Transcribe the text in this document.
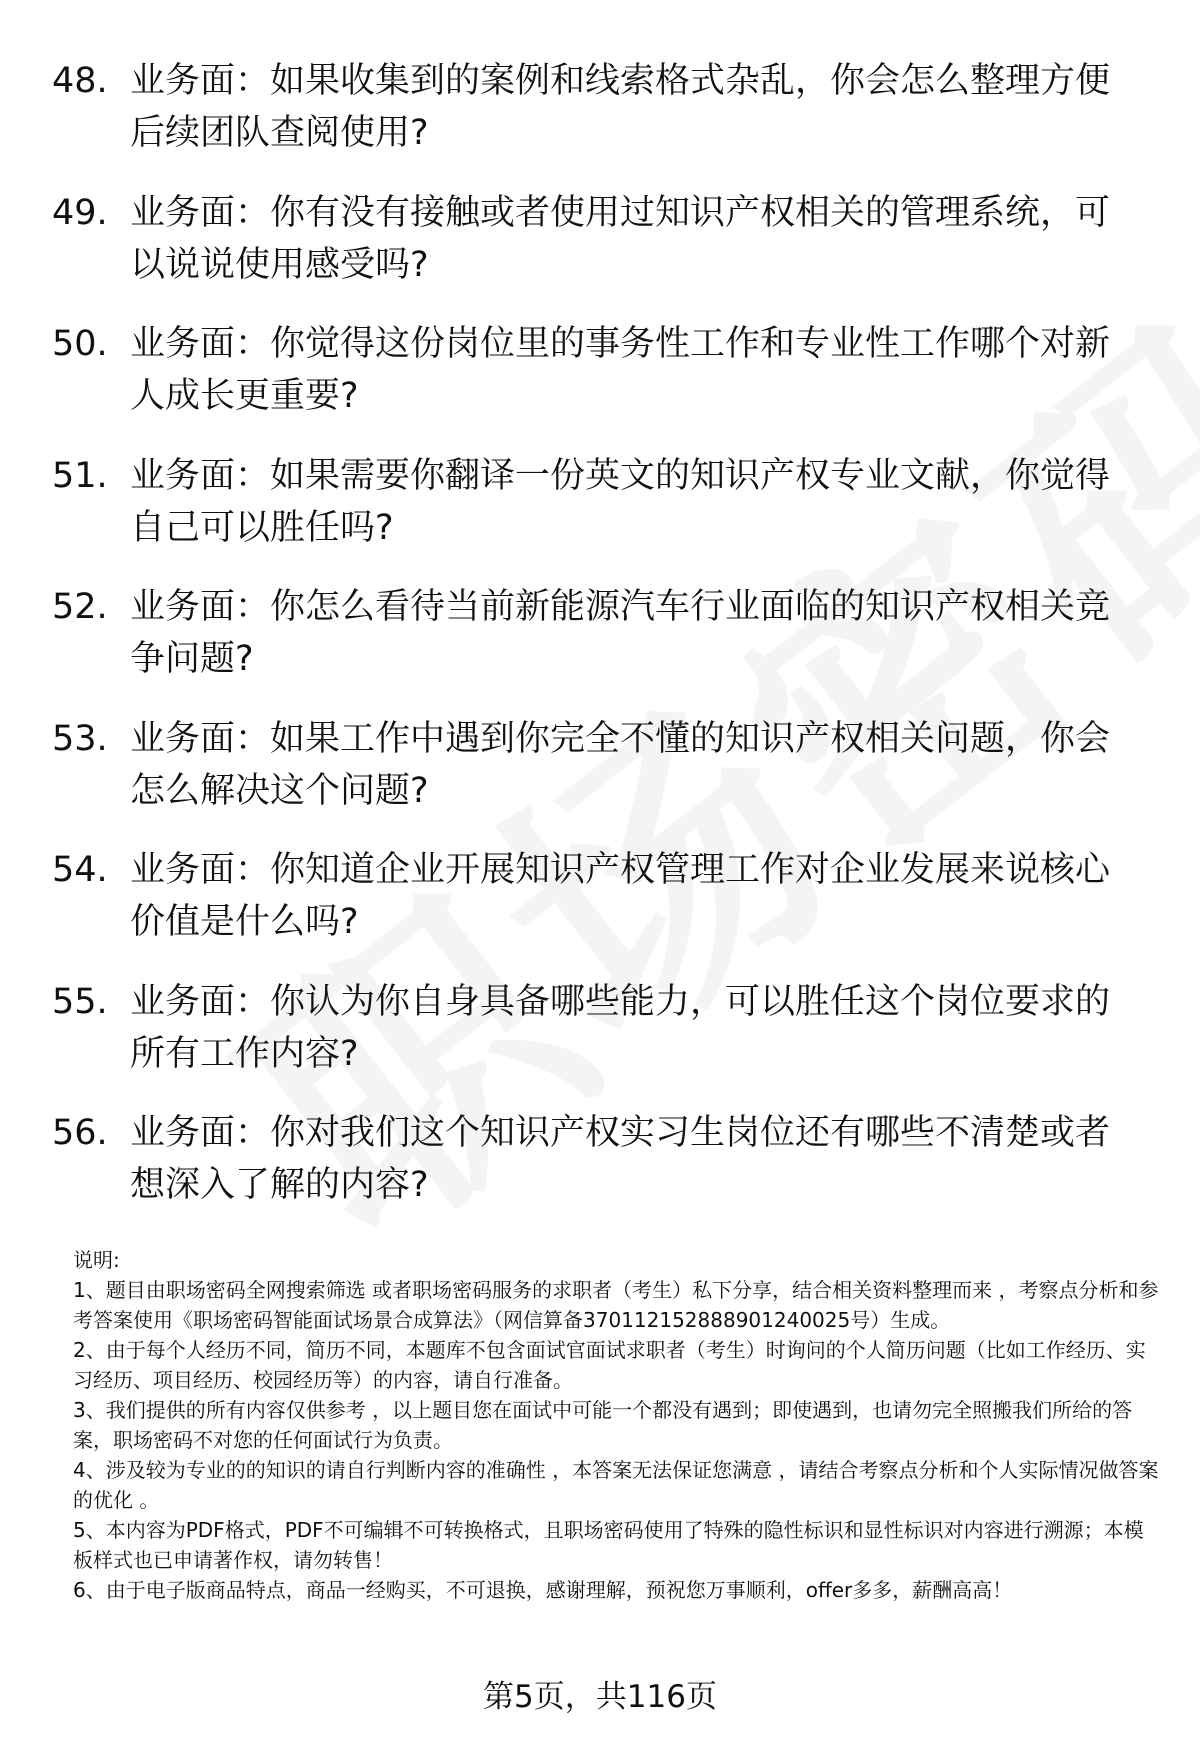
48. 业务面：如果收集到的案例和线索格式杂乱，你会怎么整理方便后续团队查阅使用?
49. 业务面：你有没有接触或者使用过知识产权相关的管理系统，可以说说使用感受吗?
50. 业务面：你觉得这份岗位里的事务性工作和专业性工作哪个对新人成长更重要?
51. 业务面：如果需要你翻译一份英文的知识产权专业文献，你觉得自己可以胜任吗?
52. 业务面：你怎么看待当前新能源汽车行业面临的知识产权相关竞争问题?
53. 业务面：如果工作中遇到你完全不懂的知识产权相关问题，你会怎么解决这个问题?
54. 业务面：你知道企业开展知识产权管理工作对企业发展来说核心价值是什么吗?
55. 业务面：你认为你自身具备哪些能力，可以胜任这个岗位要求的所有工作内容?
56. 业务面：你对我们这个知识产权实习生岗位还有哪些不清楚或者想深入了解的内容?

说明:

1、题目由职场密码全网搜索筛选 或者职场密码服务的求职者（考生）私下分享，结合相关资料整理而来 ，考察点分析和参考答案使用《职场密码智能面试场景合成算法》（网信算备370112152888901240025号）生成。

2、由于每个人经历不同，简历不同，本题库不包含面试官面试求职者（考生）时询问的个人简历问题（比如工作经历、实习经历、项目经历、校园经历等）的内容，请自行准备。

3、我们提供的所有内容仅供参考 ，以上题目您在面试中可能一个都没有遇到；即使遇到，也请勿完全照搬我们所给的答案，职场密码不对您的任何面试行为负责。

4、涉及较为专业的的知识的请自行判断内容的准确性 ，本答案无法保证您满意 ，请结合考察点分析和个人实际情况做答案的优化 。

5、本内容为PDF格式，PDF不可编辑不可转换格式，且职场密码使用了特殊的隐性标识和显性标识对内容进行溯源；本模板样式也已申请著作权，请勿转售！

6、由于电子版商品特点，商品一经购买，不可退换，感谢理解，预祝您万事顺利，offer多多，薪酬高高！

第5页，共116页
